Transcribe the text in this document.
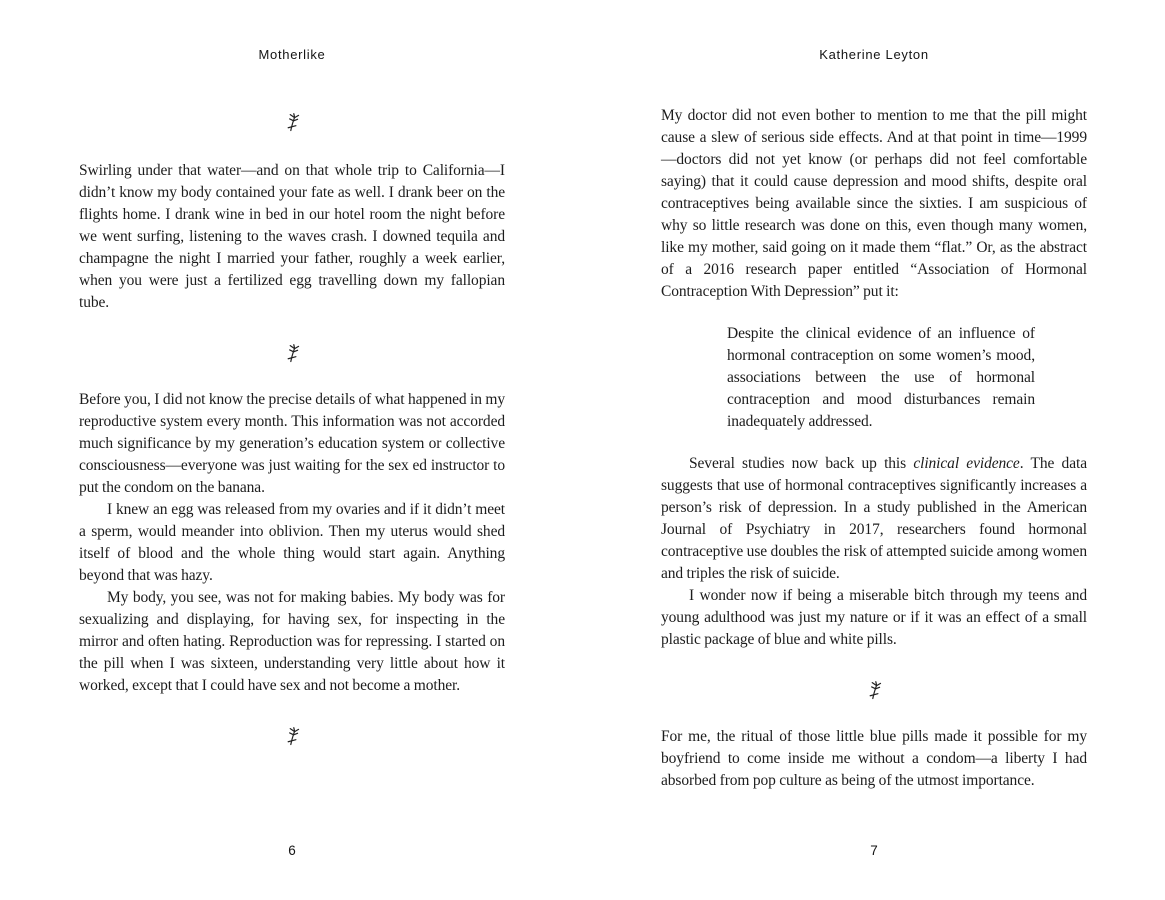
Motherlike

Swirling under that water—and on that whole trip to California—I didn’t know my body contained your fate as well. I drank beer on the flights home. I drank wine in bed in our hotel room the night before we went surfing, listening to the waves crash. I downed tequila and champagne the night I married your father, roughly a week earlier, when you were just a fertilized egg travelling down my fallopian tube.

Before you, I did not know the precise details of what happened in my reproductive system every month. This information was not accorded much significance by my generation’s education system or collective consciousness—everyone was just waiting for the sex ed instructor to put the condom on the banana.

I knew an egg was released from my ovaries and if it didn’t meet a sperm, would meander into oblivion. Then my uterus would shed itself of blood and the whole thing would start again. Anything beyond that was hazy.

My body, you see, was not for making babies. My body was for sexualizing and displaying, for having sex, for inspecting in the mirror and often hating. Reproduction was for repressing. I started on the pill when I was sixteen, understanding very little about how it worked, except that I could have sex and not become a mother.

6
Katherine Leyton

My doctor did not even bother to mention to me that the pill might cause a slew of serious side effects. And at that point in time—1999—doctors did not yet know (or perhaps did not feel comfortable saying) that it could cause depression and mood shifts, despite oral contraceptives being available since the sixties. I am suspicious of why so little research was done on this, even though many women, like my mother, said going on it made them “flat.” Or, as the abstract of a 2016 research paper entitled “Association of Hormonal Contraception With Depression” put it:

Despite the clinical evidence of an influence of hormonal contraception on some women’s mood, associations between the use of hormonal contraception and mood disturbances remain inadequately addressed.

Several studies now back up this clinical evidence. The data suggests that use of hormonal contraceptives significantly increases a person’s risk of depression. In a study published in the American Journal of Psychiatry in 2017, researchers found hormonal contraceptive use doubles the risk of attempted suicide among women and triples the risk of suicide.

I wonder now if being a miserable bitch through my teens and young adulthood was just my nature or if it was an effect of a small plastic package of blue and white pills.

For me, the ritual of those little blue pills made it possible for my boyfriend to come inside me without a condom—a liberty I had absorbed from pop culture as being of the utmost importance.

7
